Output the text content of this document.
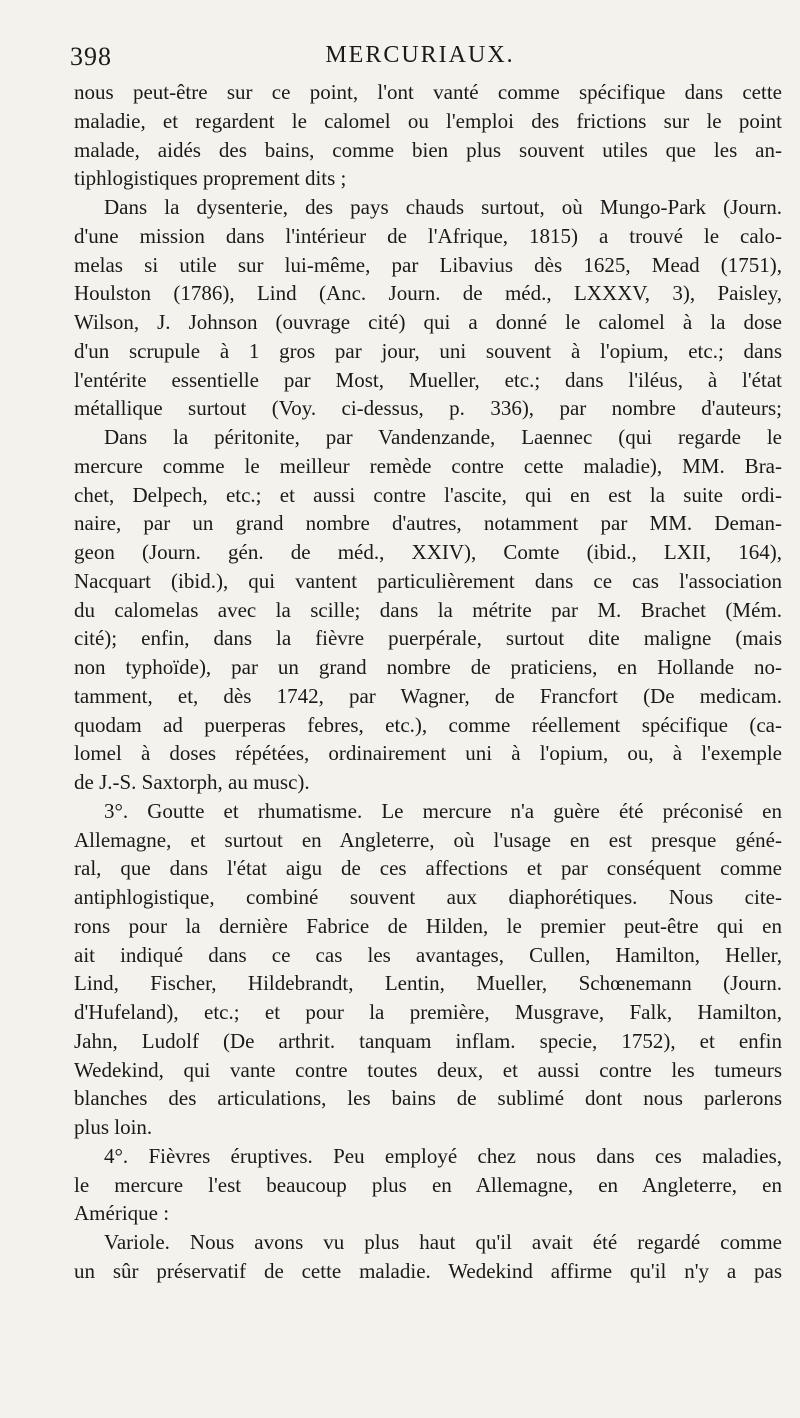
MERCURIAUX.
398
nous peut-être sur ce point, l'ont vanté comme spécifique dans cette
maladie, et regardent le calomel ou l'emploi des frictions sur le point
malade, aidés des bains, comme bien plus souvent utiles que les an-
tiphlogistiques proprement dits ;
Dans la dysenterie, des pays chauds surtout, où Mungo-Park (Journ.
d'une mission dans l'intérieur de l'Afrique, 1815) a trouvé le calo-
melas si utile sur lui-même, par Libavius dès 1625, Mead (1751),
Houlston (1786), Lind (Anc. Journ. de méd., LXXXV, 3), Paisley,
Wilson, J. Johnson (ouvrage cité) qui a donné le calomel à la dose
d'un scrupule à 1 gros par jour, uni souvent à l'opium, etc.; dans
l'entérite essentielle par Most, Mueller, etc.; dans l'iléus, à l'état
métallique surtout (Voy. ci-dessus, p. 336), par nombre d'auteurs;
Dans la péritonite, par Vandenzande, Laennec (qui regarde le
mercure comme le meilleur remède contre cette maladie), MM. Bra-
chet, Delpech, etc.; et aussi contre l'ascite, qui en est la suite ordi-
naire, par un grand nombre d'autres, notamment par MM. Deman-
geon (Journ. gén. de méd., XXIV), Comte (ibid., LXII, 164),
Nacquart (ibid.), qui vantent particulièrement dans ce cas l'association
du calomelas avec la scille; dans la métrite par M. Brachet (Mém.
cité); enfin, dans la fièvre puerpérale, surtout dite maligne (mais
non typhoïde), par un grand nombre de praticiens, en Hollande no-
tamment, et, dès 1742, par Wagner, de Francfort (De medicam.
quodam ad puerperas febres, etc.), comme réellement spécifique (ca-
lomel à doses répétées, ordinairement uni à l'opium, ou, à l'exemple
de J.-S. Saxtorph, au musc).
3°. Goutte et rhumatisme. Le mercure n'a guère été préconisé en
Allemagne, et surtout en Angleterre, où l'usage en est presque géné-
ral, que dans l'état aigu de ces affections et par conséquent comme
antiphlogistique, combiné souvent aux diaphorétiques. Nous cite-
rons pour la dernière Fabrice de Hilden, le premier peut-être qui en
ait indiqué dans ce cas les avantages, Cullen, Hamilton, Heller,
Lind, Fischer, Hildebrandt, Lentin, Mueller, Schœnemann (Journ.
d'Hufeland), etc.; et pour la première, Musgrave, Falk, Hamilton,
Jahn, Ludolf (De arthrit. tanquam inflam. specie, 1752), et enfin
Wedekind, qui vante contre toutes deux, et aussi contre les tumeurs
blanches des articulations, les bains de sublimé dont nous parlerons
plus loin.
4°. Fièvres éruptives. Peu employé chez nous dans ces maladies,
le mercure l'est beaucoup plus en Allemagne, en Angleterre, en
Amérique :
Variole. Nous avons vu plus haut qu'il avait été regardé comme
un sûr préservatif de cette maladie. Wedekind affirme qu'il n'y a pas
